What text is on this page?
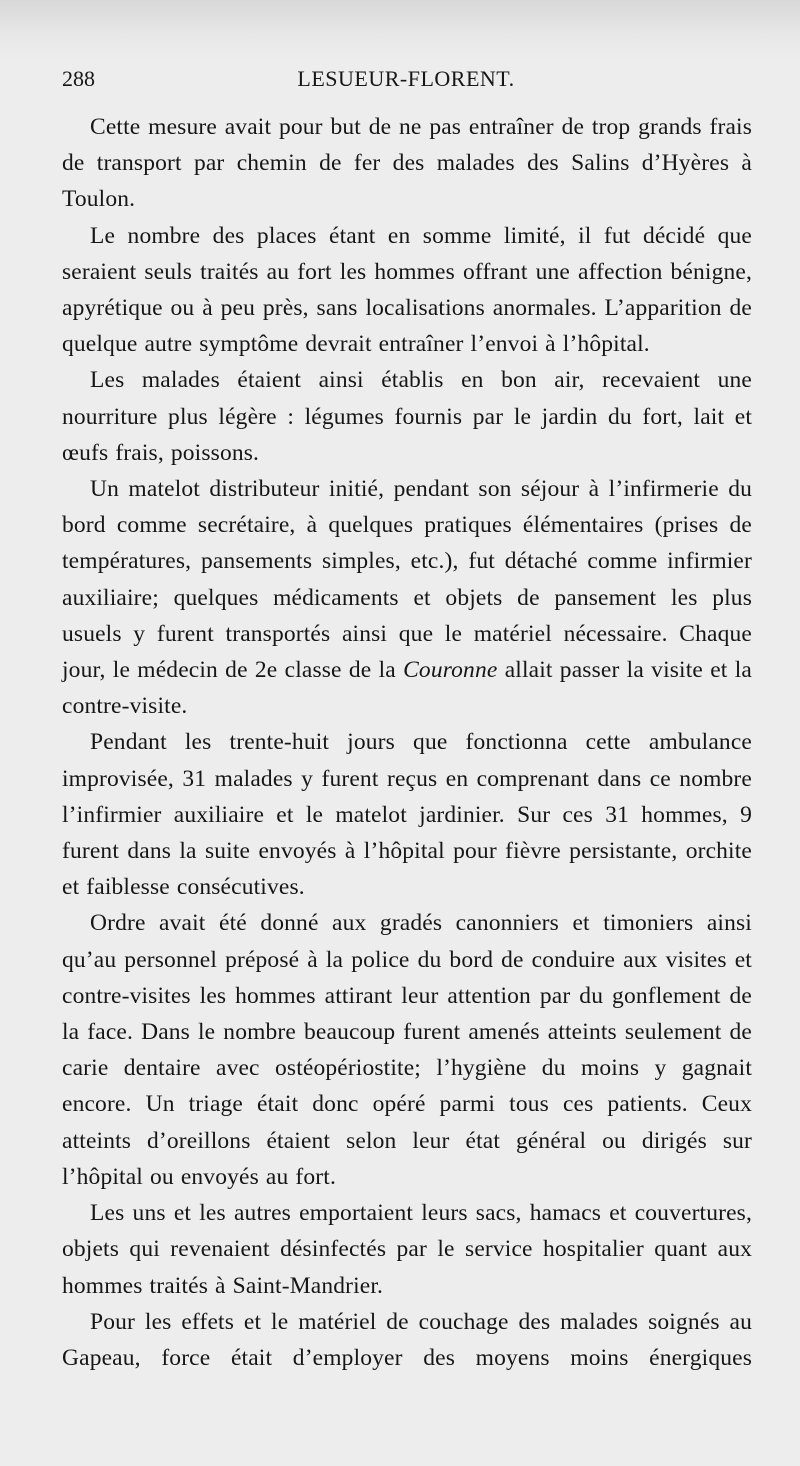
288	LESUEUR-FLORENT.

Cette mesure avait pour but de ne pas entraîner de trop grands frais de transport par chemin de fer des malades des Salins d’Hyères à Toulon.

Le nombre des places étant en somme limité, il fut décidé que seraient seuls traités au fort les hommes offrant une affection bénigne, apyrétique ou à peu près, sans localisations anormales. L’apparition de quelque autre symptôme devrait entraîner l’envoi à l’hôpital.

Les malades étaient ainsi établis en bon air, recevaient une nourriture plus légère : légumes fournis par le jardin du fort, lait et œufs frais, poissons.

Un matelot distributeur initié, pendant son séjour à l’infirmerie du bord comme secrétaire, à quelques pratiques élémentaires (prises de températures, pansements simples, etc.), fut détaché comme infirmier auxiliaire; quelques médicaments et objets de pansement les plus usuels y furent transportés ainsi que le matériel nécessaire. Chaque jour, le médecin de 2e classe de la Couronne allait passer la visite et la contre-visite.

Pendant les trente-huit jours que fonctionna cette ambulance improvisée, 31 malades y furent reçus en comprenant dans ce nombre l’infirmier auxiliaire et le matelot jardinier. Sur ces 31 hommes, 9 furent dans la suite envoyés à l’hôpital pour fièvre persistante, orchite et faiblesse consécutives.

Ordre avait été donné aux gradés canonniers et timoniers ainsi qu’au personnel préposé à la police du bord de conduire aux visites et contre-visites les hommes attirant leur attention par du gonflement de la face. Dans le nombre beaucoup furent amenés atteints seulement de carie dentaire avec ostéopériostite; l’hygiène du moins y gagnait encore. Un triage était donc opéré parmi tous ces patients. Ceux atteints d’oreillons étaient selon leur état général ou dirigés sur l’hôpital ou envoyés au fort.

Les uns et les autres emportaient leurs sacs, hamacs et couvertures, objets qui revenaient désinfectés par le service hospitalier quant aux hommes traités à Saint-Mandrier.

Pour les effets et le matériel de couchage des malades soignés au Gapeau, force était d’employer des moyens moins énergiques
